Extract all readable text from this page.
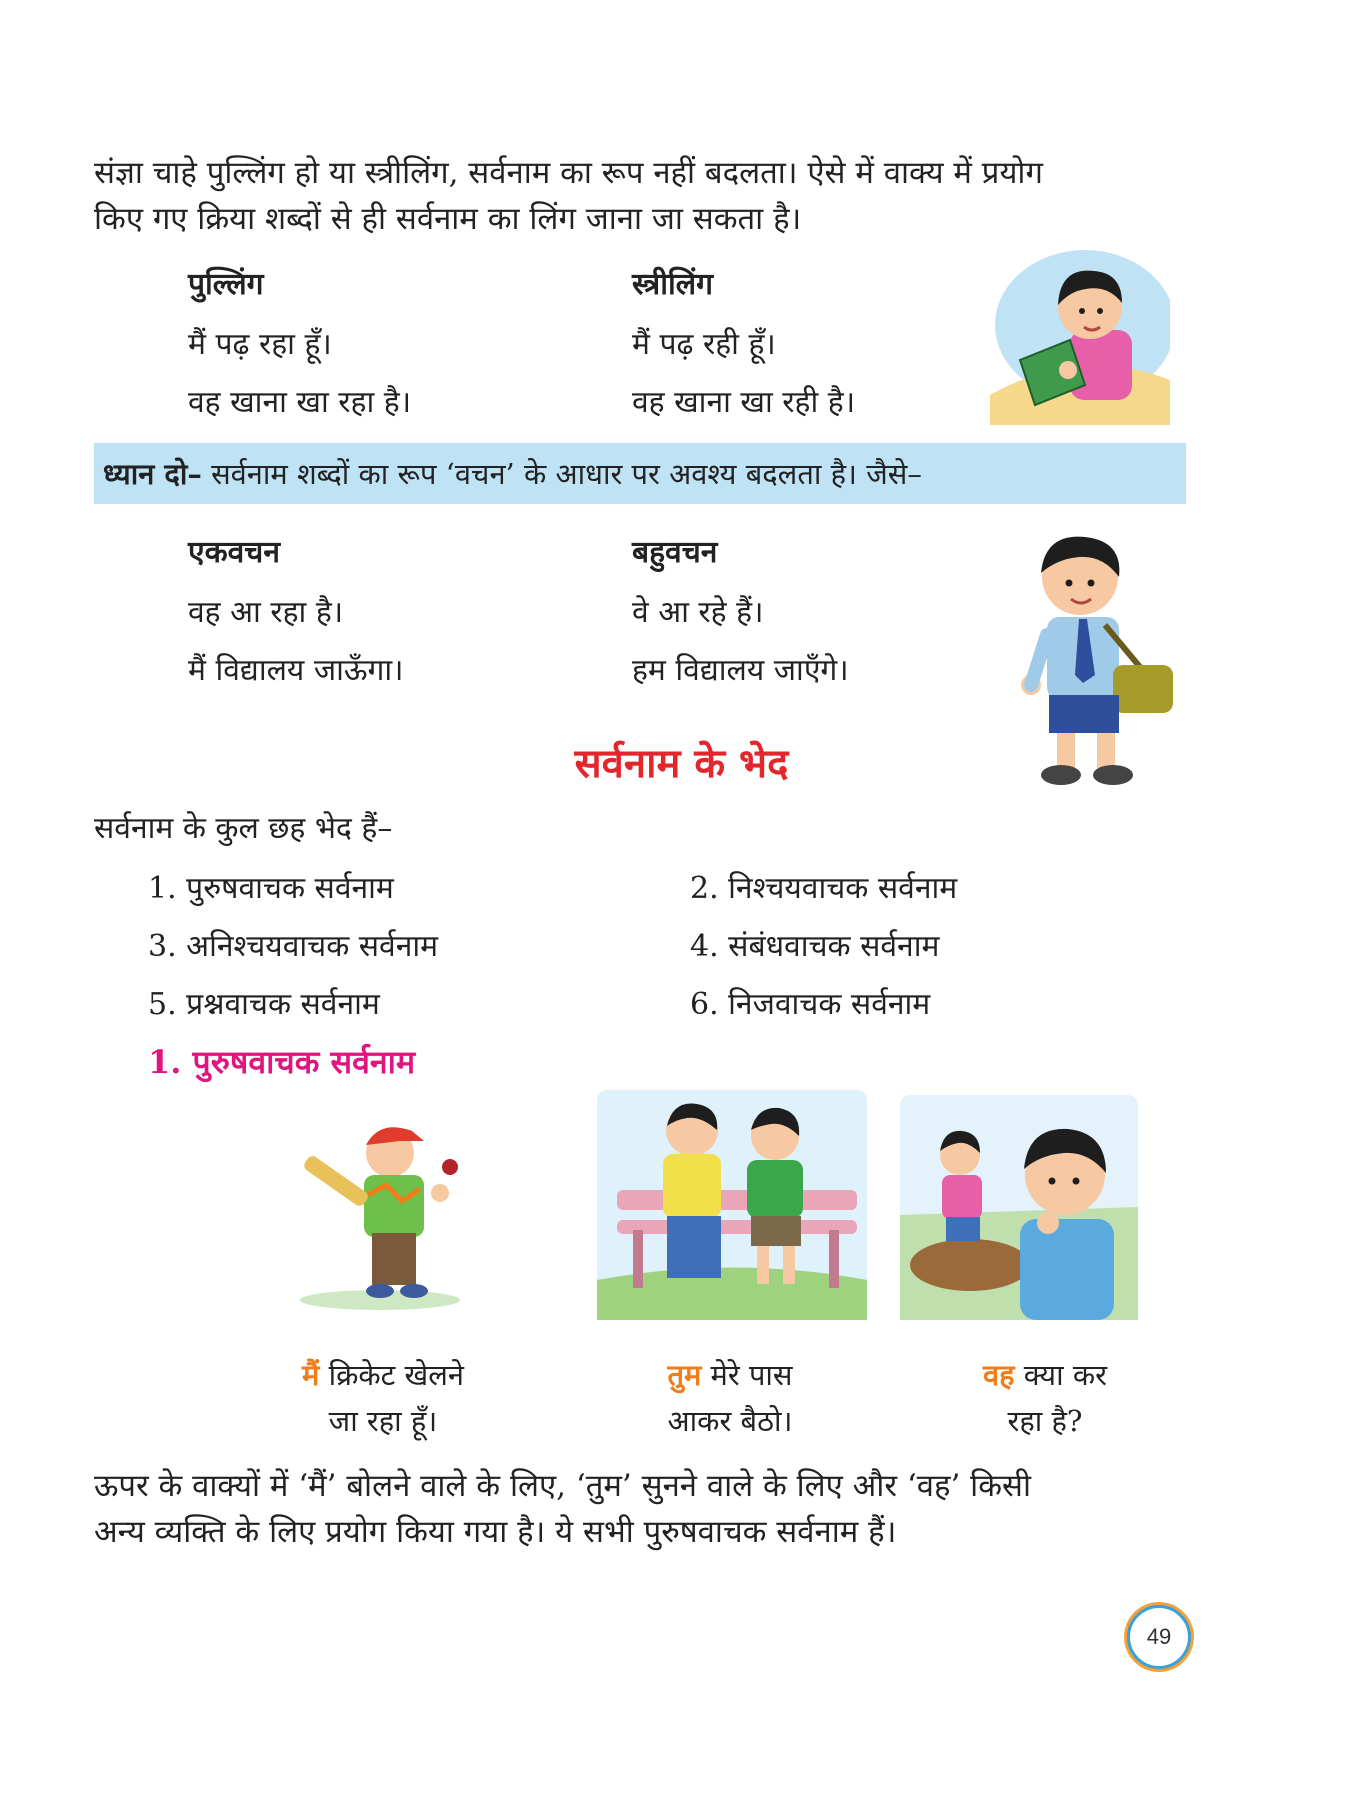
संज्ञा चाहे पुल्लिंग हो या स्त्रीलिंग, सर्वनाम का रूप नहीं बदलता। ऐसे में वाक्य में प्रयोग
किए गए क्रिया शब्दों से ही सर्वनाम का लिंग जाना जा सकता है।
पुल्लिंग	स्त्रीलिंग
मैं पढ़ रहा हूँ।	मैं पढ़ रही हूँ।
वह खाना खा रहा है।	वह खाना खा रही है।
ध्यान दो– सर्वनाम शब्दों का रूप ‘वचन’ के आधार पर अवश्य बदलता है। जैसे–
एकवचन	बहुवचन
वह आ रहा है।	वे आ रहे हैं।
मैं विद्यालय जाऊँगा।	हम विद्यालय जाएँगे।
सर्वनाम के भेद
सर्वनाम के कुल छह भेद हैं–
1. पुरुषवाचक सर्वनाम	2. निश्चयवाचक सर्वनाम
3. अनिश्चयवाचक सर्वनाम	4. संबंधवाचक सर्वनाम
5. प्रश्नवाचक सर्वनाम	6. निजवाचक सर्वनाम
1. पुरुषवाचक सर्वनाम
मैं क्रिकेट खेलने
जा रहा हूँ।
तुम मेरे पास
आकर बैठो।
वह क्या कर
रहा है?
ऊपर के वाक्यों में ‘मैं’ बोलने वाले के लिए, ‘तुम’ सुनने वाले के लिए और ‘वह’ किसी
अन्य व्यक्ति के लिए प्रयोग किया गया है। ये सभी पुरुषवाचक सर्वनाम हैं।
49
